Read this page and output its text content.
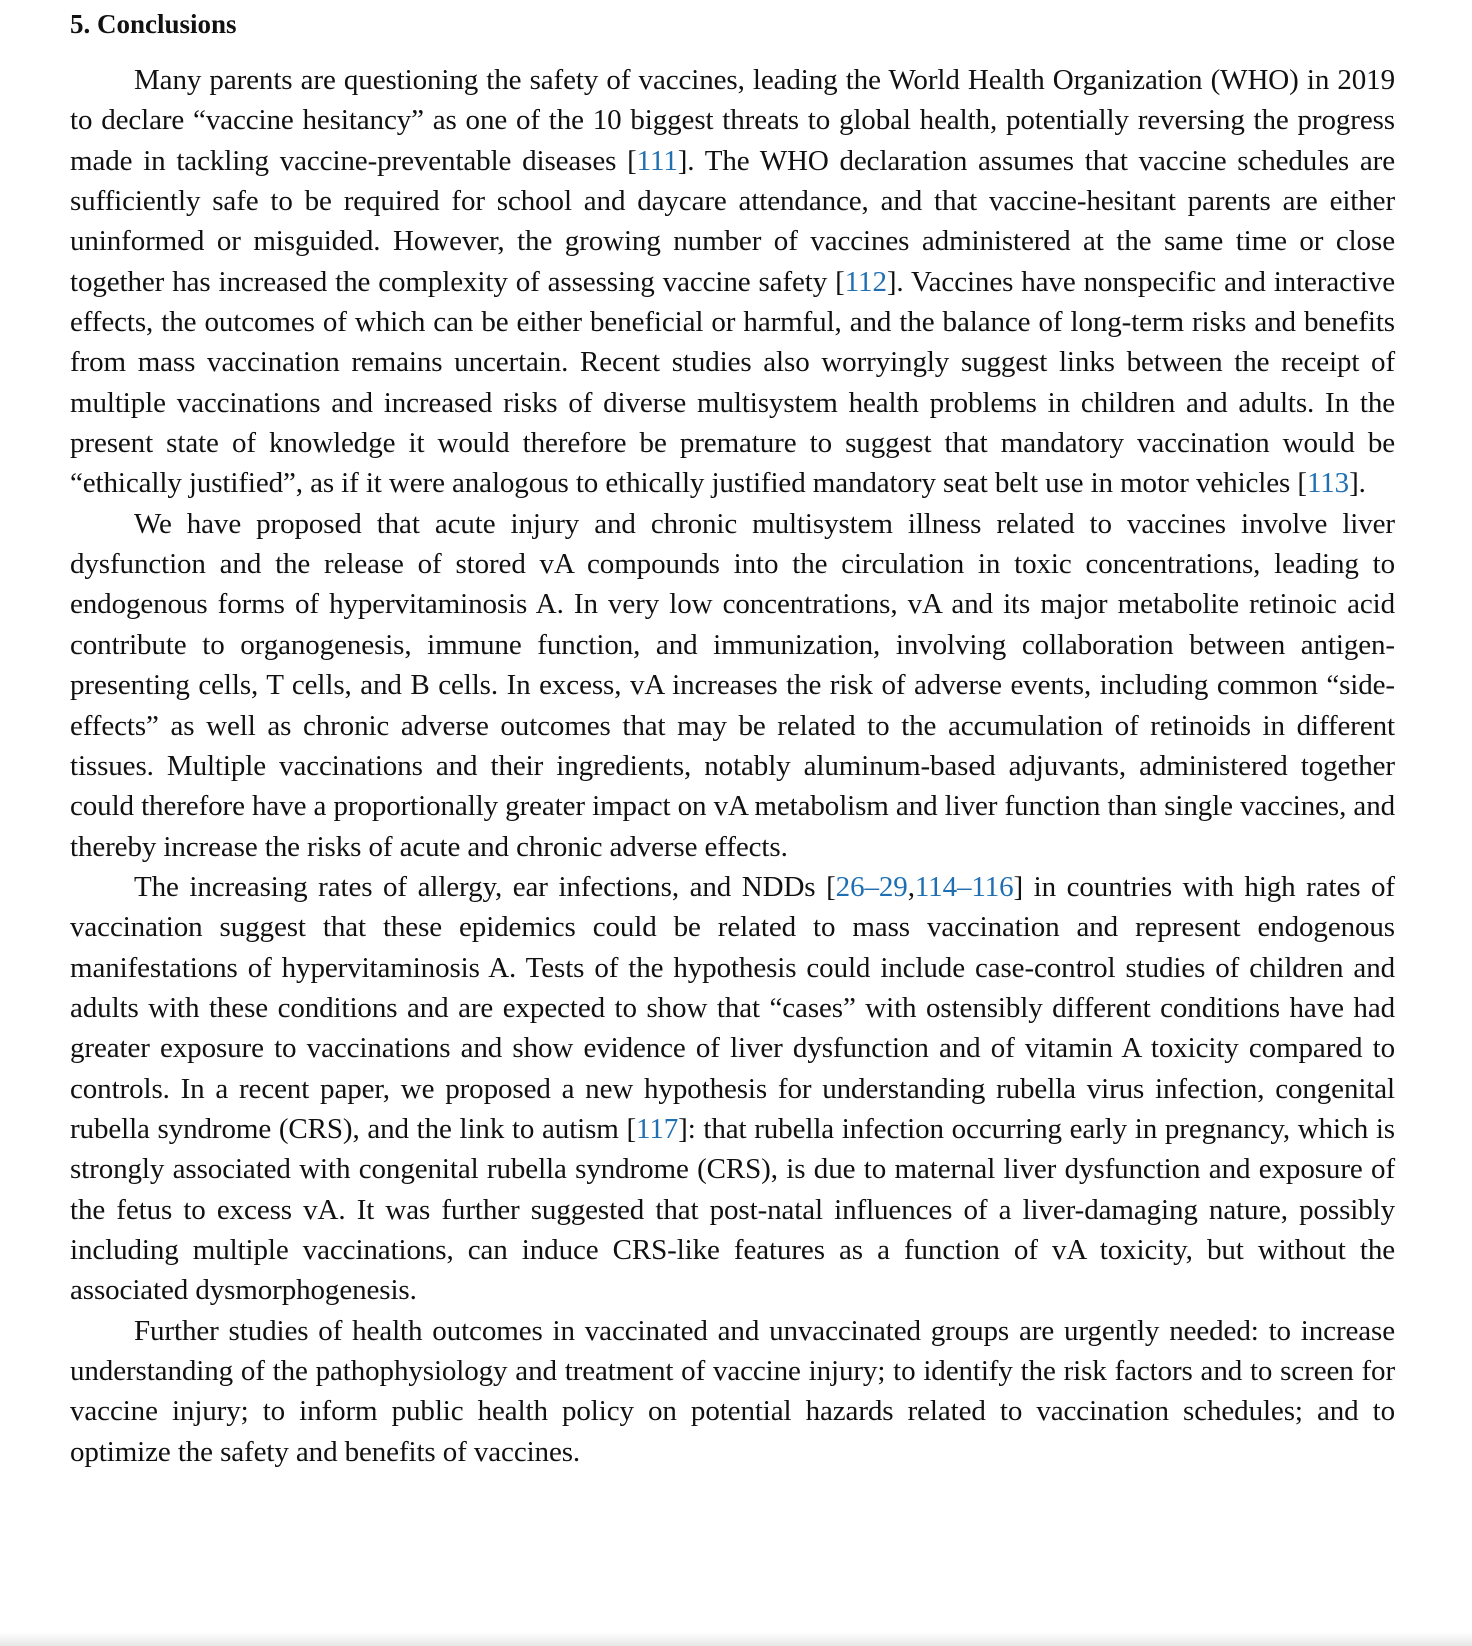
5. Conclusions

Many parents are questioning the safety of vaccines, leading the World Health Organization (WHO) in 2019 to declare “vaccine hesitancy” as one of the 10 biggest threats to global health, potentially reversing the progress made in tackling vaccine-preventable diseases [111]. The WHO declaration assumes that vaccine schedules are sufficiently safe to be required for school and daycare attendance, and that vaccine-hesitant parents are either uninformed or misguided. However, the growing number of vaccines administered at the same time or close together has increased the complexity of assessing vaccine safety [112]. Vaccines have nonspecific and interactive effects, the outcomes of which can be either beneficial or harmful, and the balance of long-term risks and benefits from mass vaccination remains uncertain. Recent studies also worryingly suggest links between the receipt of multiple vaccinations and increased risks of diverse multisystem health problems in children and adults. In the present state of knowledge it would therefore be premature to suggest that mandatory vaccination would be “ethically justified”, as if it were analogous to ethically justified mandatory seat belt use in motor vehicles [113].

We have proposed that acute injury and chronic multisystem illness related to vaccines involve liver dysfunction and the release of stored vA compounds into the circulation in toxic concentrations, leading to endogenous forms of hypervitaminosis A. In very low concentrations, vA and its major metabolite retinoic acid contribute to organogenesis, immune function, and immunization, involving collaboration between antigen-presenting cells, T cells, and B cells. In excess, vA increases the risk of adverse events, including common “side-effects” as well as chronic adverse outcomes that may be related to the accumulation of retinoids in different tissues. Multiple vaccinations and their ingredients, notably aluminum-based adjuvants, administered together could therefore have a proportionally greater impact on vA metabolism and liver function than single vaccines, and thereby increase the risks of acute and chronic adverse effects.

The increasing rates of allergy, ear infections, and NDDs [26–29,114–116] in countries with high rates of vaccination suggest that these epidemics could be related to mass vaccination and represent endogenous manifestations of hypervitaminosis A. Tests of the hypothesis could include case-control studies of children and adults with these conditions and are expected to show that “cases” with ostensibly different conditions have had greater exposure to vaccinations and show evidence of liver dysfunction and of vitamin A toxicity compared to controls. In a recent paper, we proposed a new hypothesis for understanding rubella virus infection, congenital rubella syndrome (CRS), and the link to autism [117]: that rubella infection occurring early in pregnancy, which is strongly associated with congenital rubella syndrome (CRS), is due to maternal liver dysfunction and exposure of the fetus to excess vA. It was further suggested that post-natal influences of a liver-damaging nature, possibly including multiple vaccinations, can induce CRS-like features as a function of vA toxicity, but without the associated dysmorphogenesis.

Further studies of health outcomes in vaccinated and unvaccinated groups are urgently needed: to increase understanding of the pathophysiology and treatment of vaccine injury; to identify the risk factors and to screen for vaccine injury; to inform public health policy on potential hazards related to vaccination schedules; and to optimize the safety and benefits of vaccines.
